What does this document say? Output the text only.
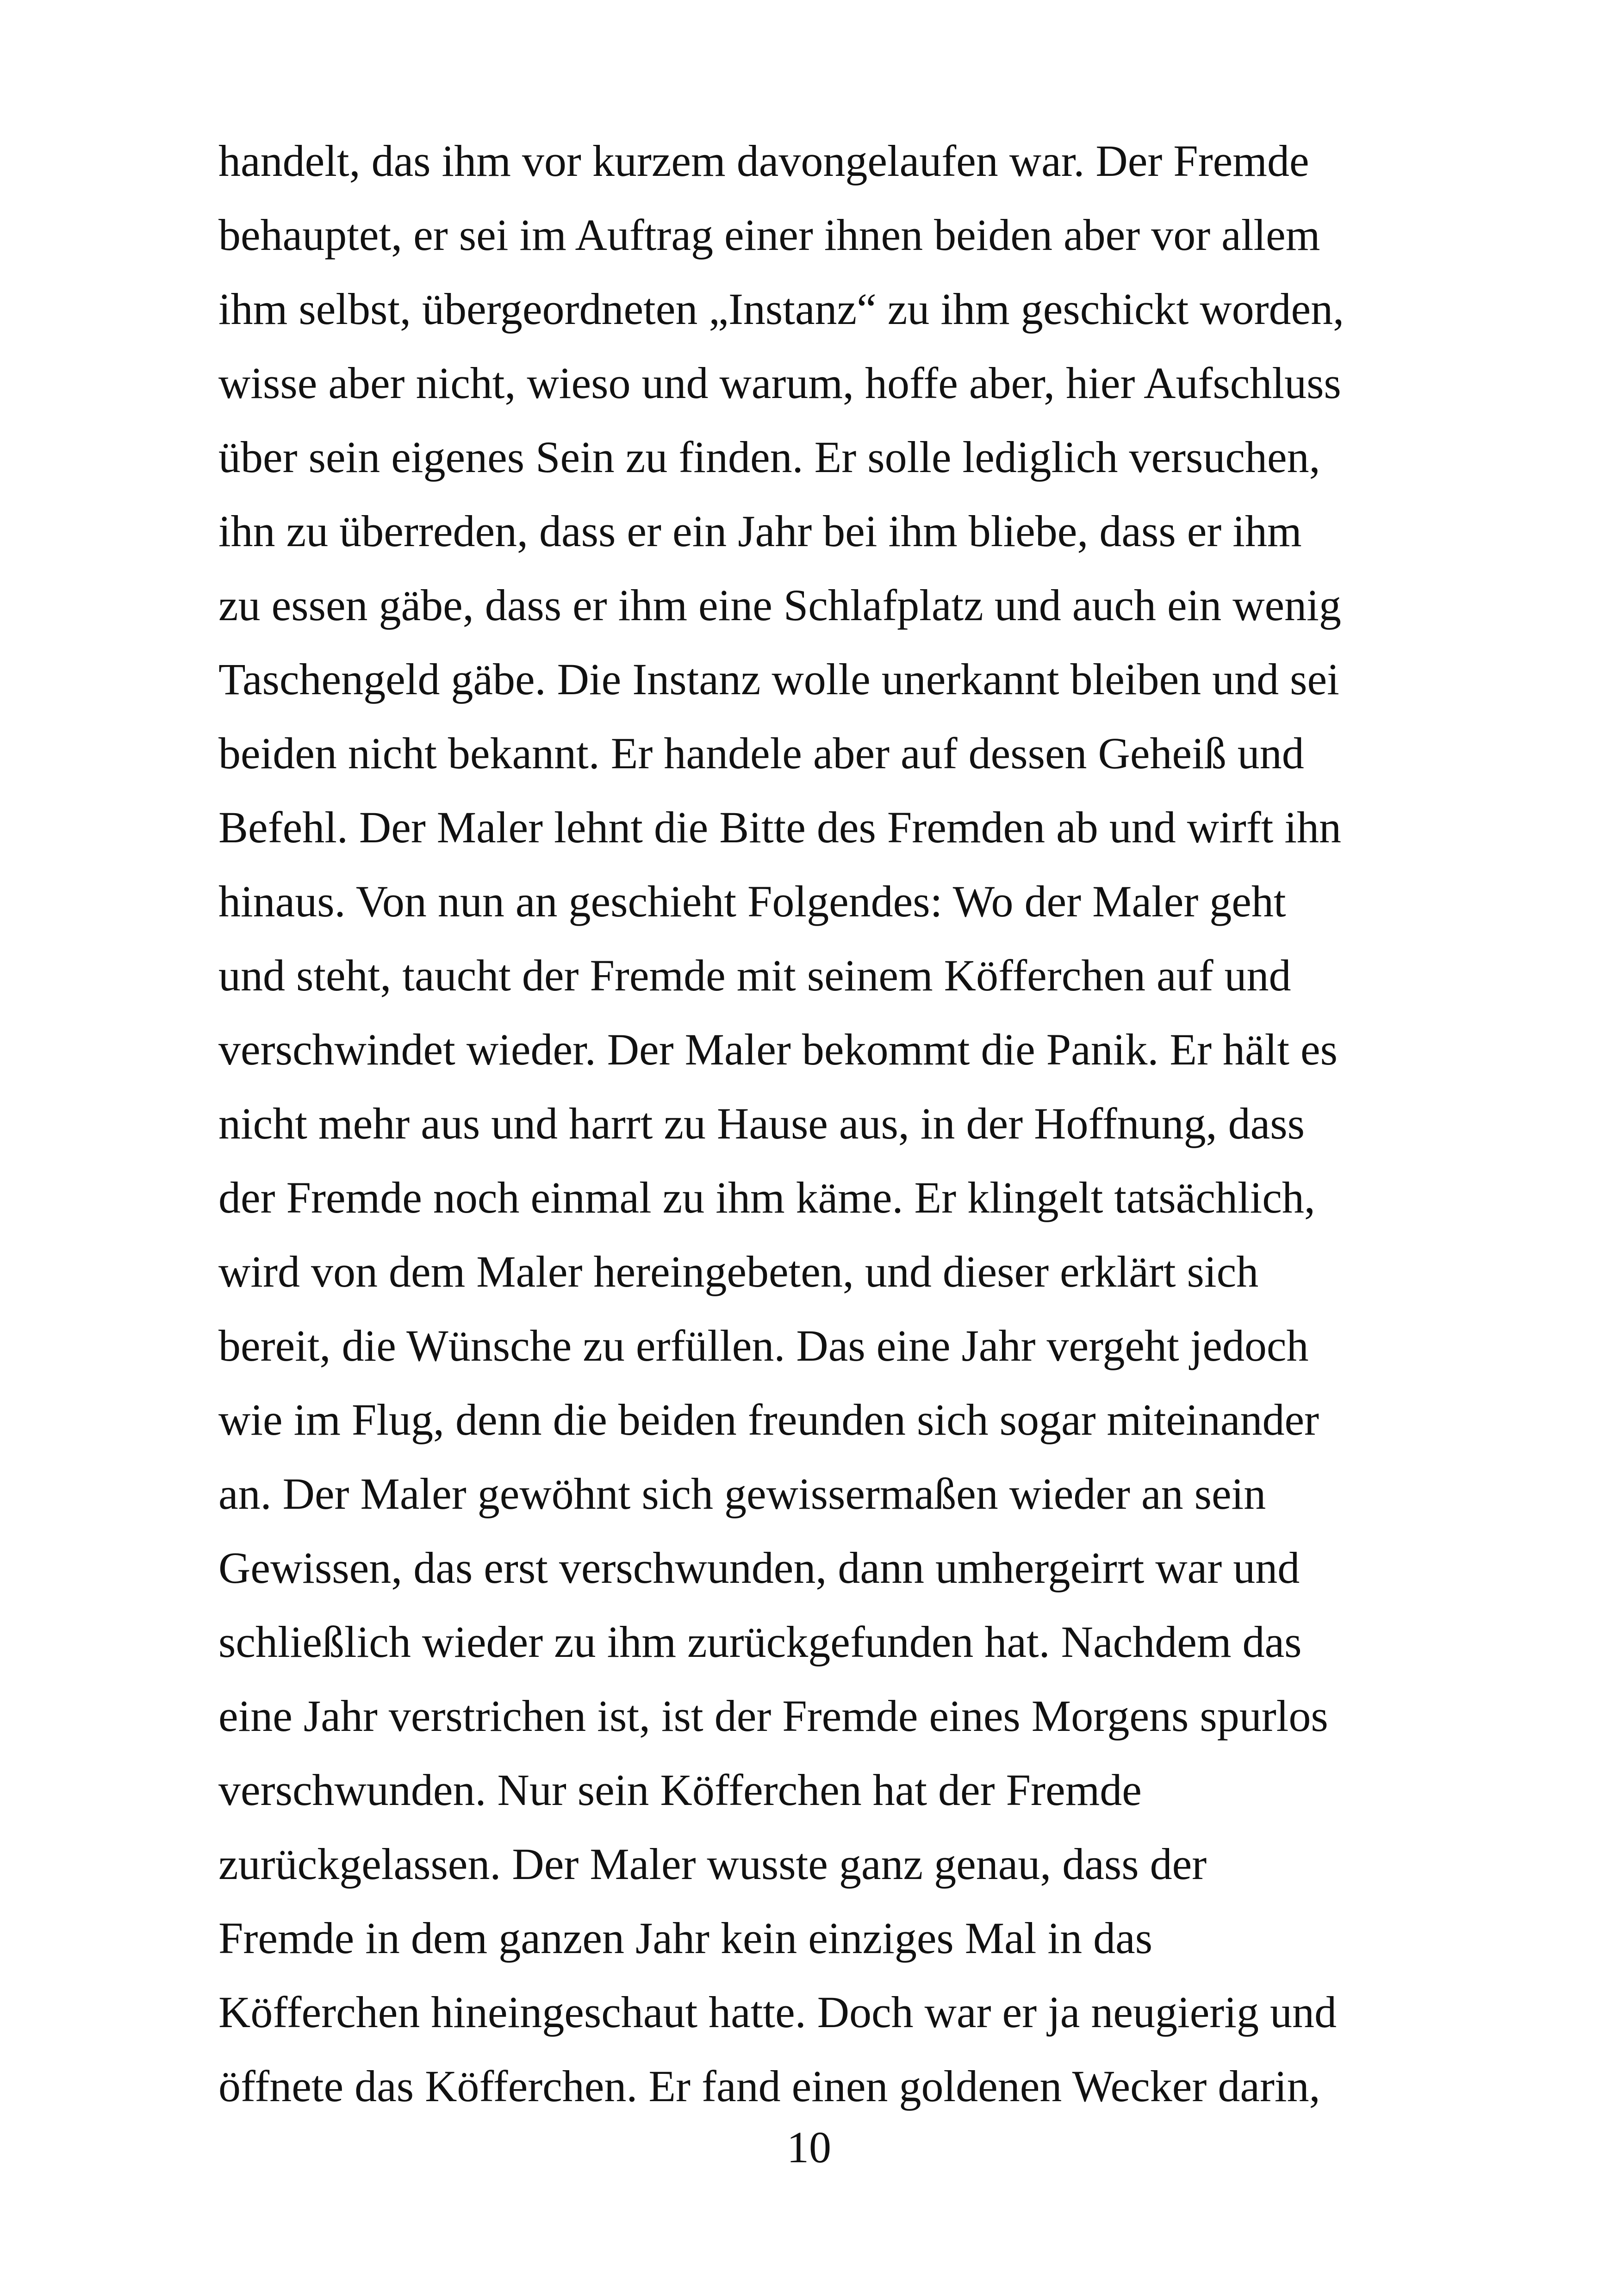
handelt, das ihm vor kurzem davongelaufen war. Der Fremde
behauptet, er sei im Auftrag einer ihnen beiden aber vor allem
ihm selbst, übergeordneten „Instanz“ zu ihm geschickt worden,
wisse aber nicht, wieso und warum, hoffe aber, hier Aufschluss
über sein eigenes Sein zu finden. Er solle lediglich versuchen,
ihn zu überreden, dass er ein Jahr bei ihm bliebe, dass er ihm
zu essen gäbe, dass er ihm eine Schlafplatz und auch ein wenig
Taschengeld gäbe. Die Instanz wolle unerkannt bleiben und sei
beiden nicht bekannt. Er handele aber auf dessen Geheiß und
Befehl. Der Maler lehnt die Bitte des Fremden ab und wirft ihn
hinaus. Von nun an geschieht Folgendes: Wo der Maler geht
und steht, taucht der Fremde mit seinem Köfferchen auf und
verschwindet wieder. Der Maler bekommt die Panik. Er hält es
nicht mehr aus und harrt zu Hause aus, in der Hoffnung, dass
der Fremde noch einmal zu ihm käme. Er klingelt tatsächlich,
wird von dem Maler hereingebeten, und dieser erklärt sich
bereit, die Wünsche zu erfüllen. Das eine Jahr vergeht jedoch
wie im Flug, denn die beiden freunden sich sogar miteinander
an. Der Maler gewöhnt sich gewissermaßen wieder an sein
Gewissen, das erst verschwunden, dann umhergeirrt war und
schließlich wieder zu ihm zurückgefunden hat. Nachdem das
eine Jahr verstrichen ist, ist der Fremde eines Morgens spurlos
verschwunden. Nur sein Köfferchen hat der Fremde
zurückgelassen. Der Maler wusste ganz genau, dass der
Fremde in dem ganzen Jahr kein einziges Mal in das
Köfferchen hineingeschaut hatte. Doch war er ja neugierig und
öffnete das Köfferchen. Er fand einen goldenen Wecker darin,
10
